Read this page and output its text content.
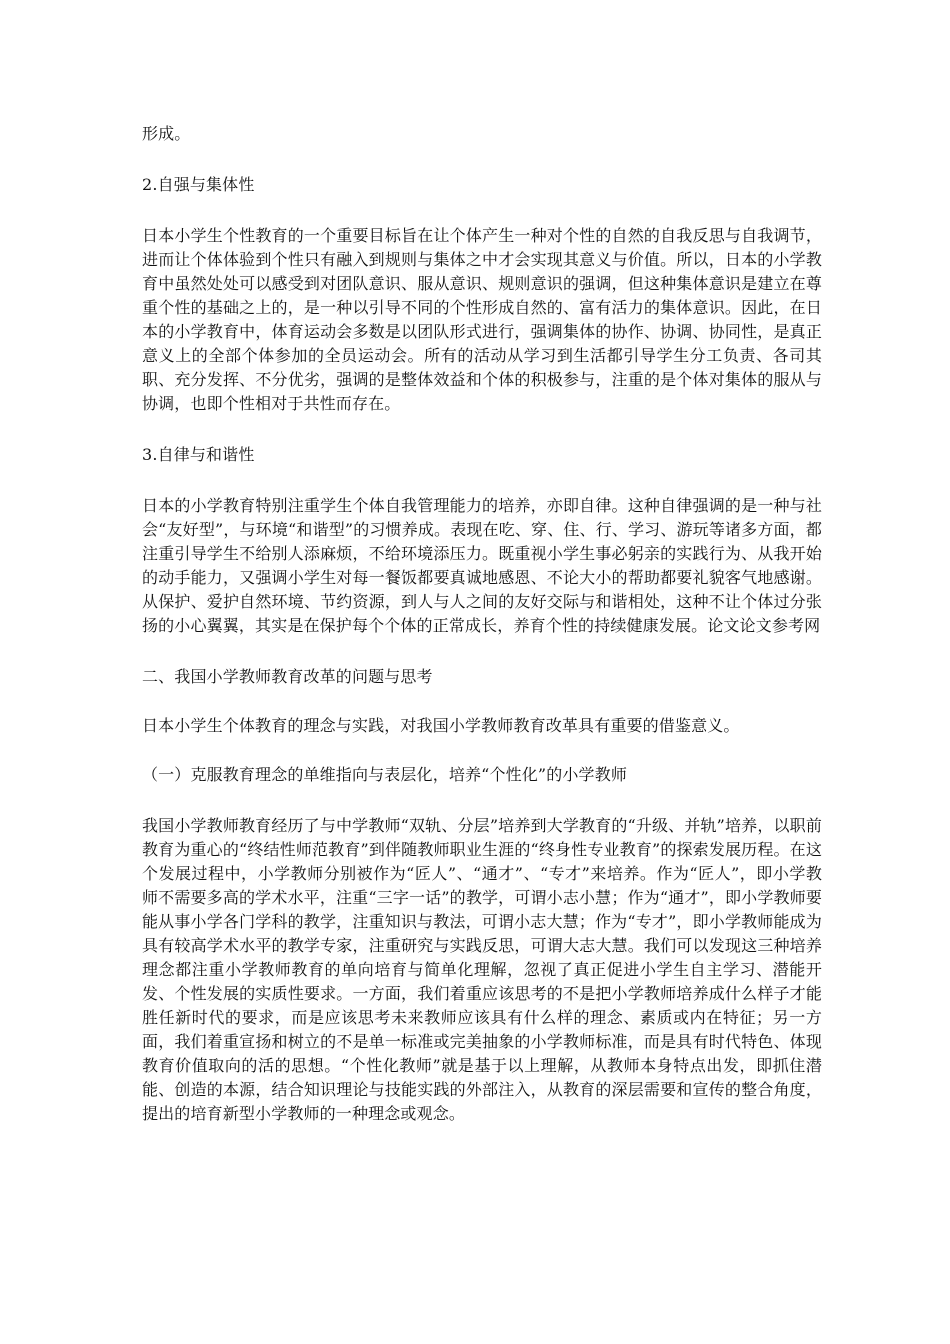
形成。

2.自强与集体性

日本小学生个性教育的一个重要目标旨在让个体产生一种对个性的自然的自我反思与自我调节，进而让个体体验到个性只有融入到规则与集体之中才会实现其意义与价值。所以，日本的小学教育中虽然处处可以感受到对团队意识、服从意识、规则意识的强调，但这种集体意识是建立在尊重个性的基础之上的，是一种以引导不同的个性形成自然的、富有活力的集体意识。因此，在日本的小学教育中，体育运动会多数是以团队形式进行，强调集体的协作、协调、协同性，是真正意义上的全部个体参加的全员运动会。所有的活动从学习到生活都引导学生分工负责、各司其职、充分发挥、不分优劣，强调的是整体效益和个体的积极参与，注重的是个体对集体的服从与协调，也即个性相对于共性而存在。

3.自律与和谐性

日本的小学教育特别注重学生个体自我管理能力的培养，亦即自律。这种自律强调的是一种与社会“友好型”，与环境“和谐型”的习惯养成。表现在吃、穿、住、行、学习、游玩等诸多方面，都注重引导学生不给别人添麻烦，不给环境添压力。既重视小学生事必躬亲的实践行为、从我开始的动手能力，又强调小学生对每一餐饭都要真诚地感恩、不论大小的帮助都要礼貌客气地感谢。从保护、爱护自然环境、节约资源，到人与人之间的友好交际与和谐相处，这种不让个体过分张扬的小心翼翼，其实是在保护每个个体的正常成长，养育个性的持续健康发展。论文论文参考网

二、我国小学教师教育改革的问题与思考

日本小学生个体教育的理念与实践，对我国小学教师教育改革具有重要的借鉴意义。

（一）克服教育理念的单维指向与表层化，培养“个性化”的小学教师

我国小学教师教育经历了与中学教师“双轨、分层”培养到大学教育的“升级、并轨”培养，以职前教育为重心的“终结性师范教育”到伴随教师职业生涯的“终身性专业教育”的探索发展历程。在这个发展过程中，小学教师分别被作为“匠人”、“通才”、“专才”来培养。作为“匠人”，即小学教师不需要多高的学术水平，注重“三字一话”的教学，可谓小志小慧；作为“通才”，即小学教师要能从事小学各门学科的教学，注重知识与教法，可谓小志大慧；作为“专才”，即小学教师能成为具有较高学术水平的教学专家，注重研究与实践反思，可谓大志大慧。我们可以发现这三种培养理念都注重小学教师教育的单向培育与简单化理解，忽视了真正促进小学生自主学习、潜能开发、个性发展的实质性要求。一方面，我们着重应该思考的不是把小学教师培养成什么样子才能胜任新时代的要求，而是应该思考未来教师应该具有什么样的理念、素质或内在特征；另一方面，我们着重宣扬和树立的不是单一标准或完美抽象的小学教师标准，而是具有时代特色、体现教育价值取向的活的思想。“个性化教师”就是基于以上理解，从教师本身特点出发，即抓住潜能、创造的本源，结合知识理论与技能实践的外部注入，从教育的深层需要和宣传的整合角度，提出的培育新型小学教师的一种理念或观念。
